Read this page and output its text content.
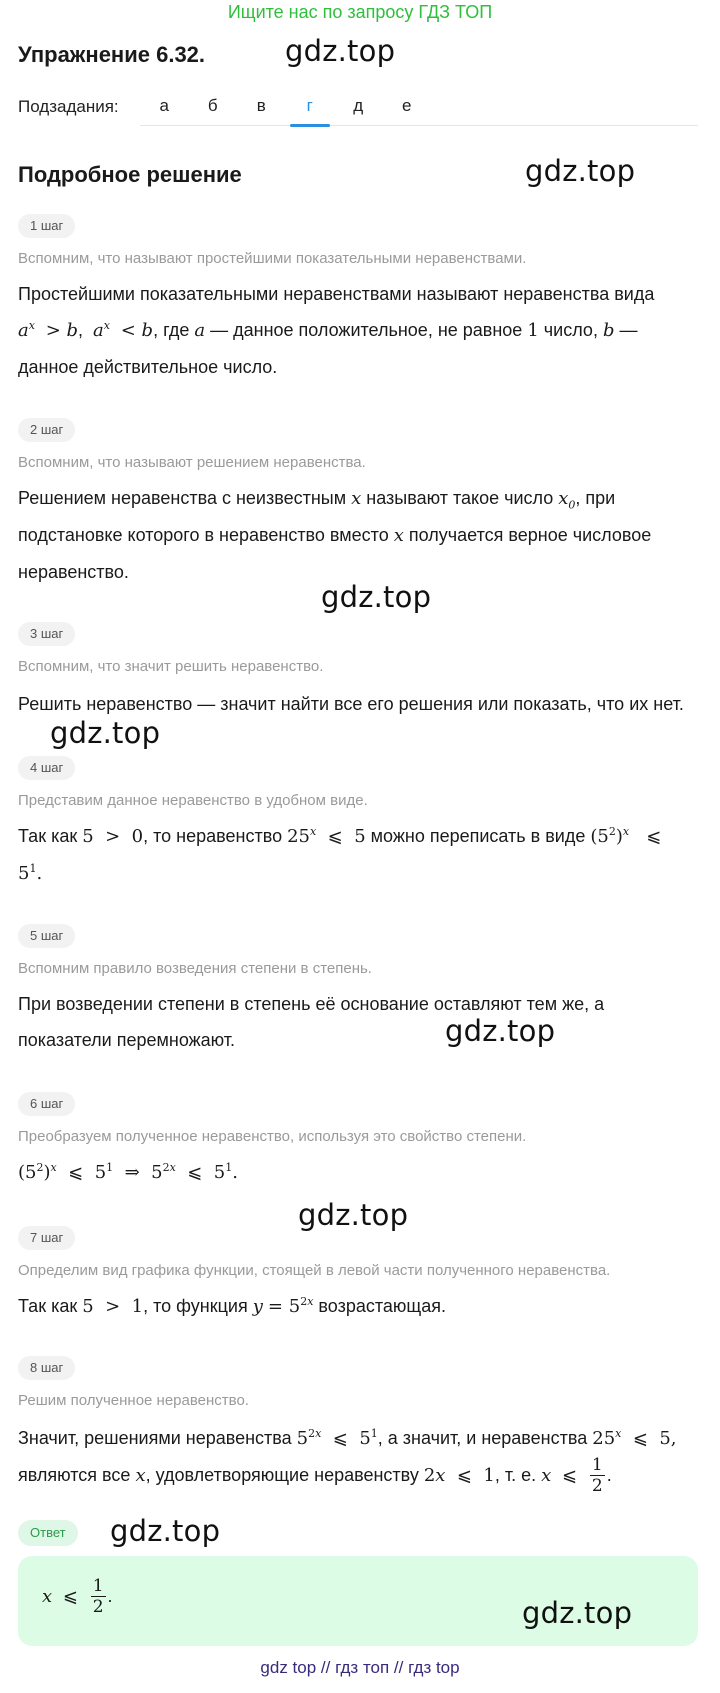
Ищите нас по запросу ГДЗ ТОП
Упражнение 6.32.	gdz.top
Подзадания:	а	б	в	г	д	е
Подробное решение	gdz.top
1 шаг
Вспомним, что называют простейшими показательными неравенствами.
Простейшими показательными неравенствами называют неравенства вида
$a^x > b$,  $a^x < b$, где a — данное положительное, не равное 1 число, b —
данное действительное число.
2 шаг
Вспомним, что называют решением неравенства.
Решением неравенства с неизвестным x называют такое число $x_0$, при
подстановке которого в неравенство вместо x получается верное числовое
неравенство.
gdz.top
3 шаг
Вспомним, что значит решить неравенство.
Решить неравенство — значит найти все его решения или показать, что их нет.
gdz.top
4 шаг
Представим данное неравенство в удобном виде.
Так как 5  >  0, то неравенство 25$^x$  ⩽  5 можно переписать в виде $(5^2)^x$   ⩽
$5^1$.
5 шаг
Вспомним правило возведения степени в степень.
При возведении степени в степень её основание оставляют тем же, а
показатели перемножают.	gdz.top
6 шаг
Преобразуем полученное неравенство, используя это свойство степени.
$(5^2)^x$  ⩽  $5^1$  ⇒  $5^{2x}$  ⩽  $5^1$.
gdz.top
7 шаг
Определим вид графика функции, стоящей в левой части полученного неравенства.
Так как 5  >  1, то функция $y = 5^{2x}$ возрастающая.
8 шаг
Решим полученное неравенство.
Значит, решениями неравенства $5^{2x}$  ⩽  $5^1$, а значит, и неравенства 25$^x$  ⩽  5,
являются все x, удовлетворяющие неравенству 2x  ⩽  1, т. е. x  ⩽ $\frac{1}{2}$ .
Ответ	gdz.top
x  ⩽ $\frac{1}{2}$ .
gdz.top
gdz top // гдз топ // гдз top
